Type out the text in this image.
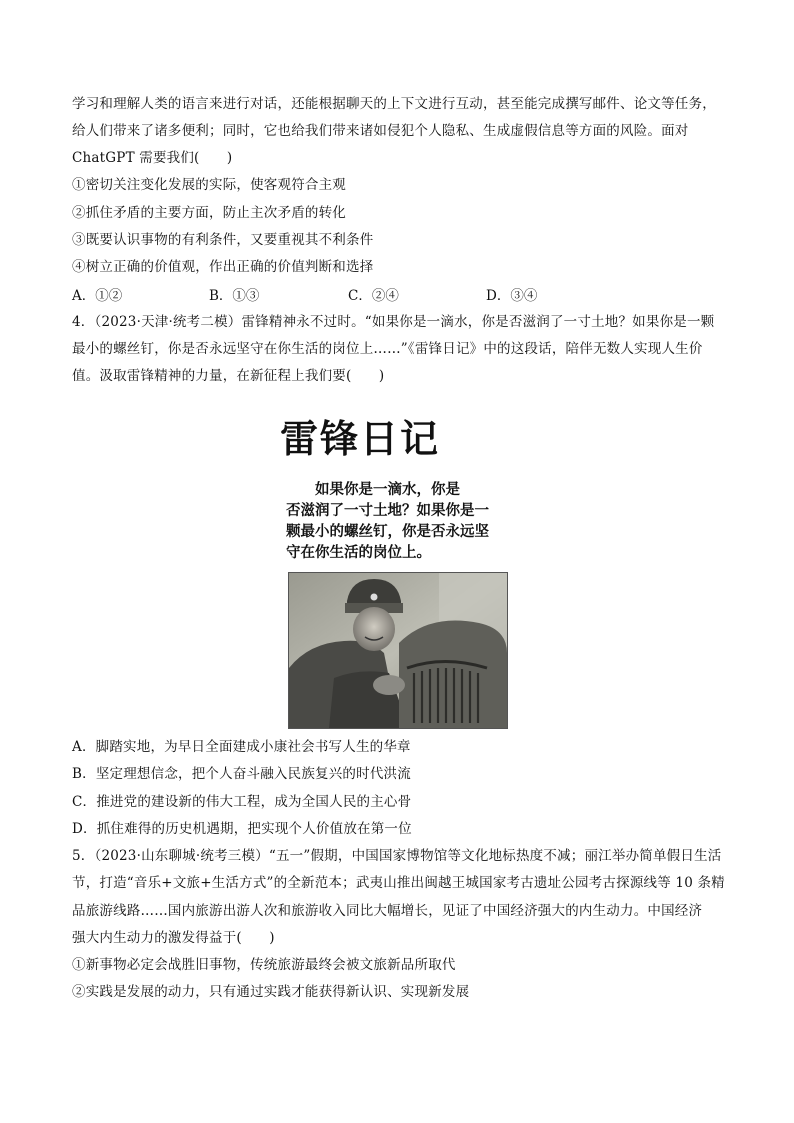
学习和理解人类的语言来进行对话，还能根据聊天的上下文进行互动，甚至能完成撰写邮件、论文等任务，
给人们带来了诸多便利；同时，它也给我们带来诸如侵犯个人隐私、生成虚假信息等方面的风险。面对
ChatGPT 需要我们(　　)
①密切关注变化发展的实际，使客观符合主观
②抓住矛盾的主要方面，防止主次矛盾的转化
③既要认识事物的有利条件，又要重视其不利条件
④树立正确的价值观，作出正确的价值判断和选择
A．①②	B．①③	C．②④	D．③④
4．（2023·天津·统考二模）雷锋精神永不过时。“如果你是一滴水，你是否滋润了一寸土地？如果你是一颗
最小的螺丝钉，你是否永远坚守在你生活的岗位上……”《雷锋日记》中的这段话，陪伴无数人实现人生价
值。汲取雷锋精神的力量，在新征程上我们要(　　)
雷锋日记
　　如果你是一滴水，你是
否滋润了一寸土地？如果你是一
颗最小的螺丝钉，你是否永远坚
守在你生活的岗位上。
A．脚踏实地，为早日全面建成小康社会书写人生的华章
B．坚定理想信念，把个人奋斗融入民族复兴的时代洪流
C．推进党的建设新的伟大工程，成为全国人民的主心骨
D．抓住难得的历史机遇期，把实现个人价值放在第一位
5．（2023·山东聊城·统考三模）“五一”假期，中国国家博物馆等文化地标热度不减；丽江举办简单假日生活
节，打造“音乐+文旅+生活方式”的全新范本；武夷山推出闽越王城国家考古遗址公园考古探源线等 10 条精
品旅游线路……国内旅游出游人次和旅游收入同比大幅增长，见证了中国经济强大的内生动力。中国经济
强大内生动力的激发得益于(　　)
①新事物必定会战胜旧事物，传统旅游最终会被文旅新品所取代
②实践是发展的动力，只有通过实践才能获得新认识、实现新发展
